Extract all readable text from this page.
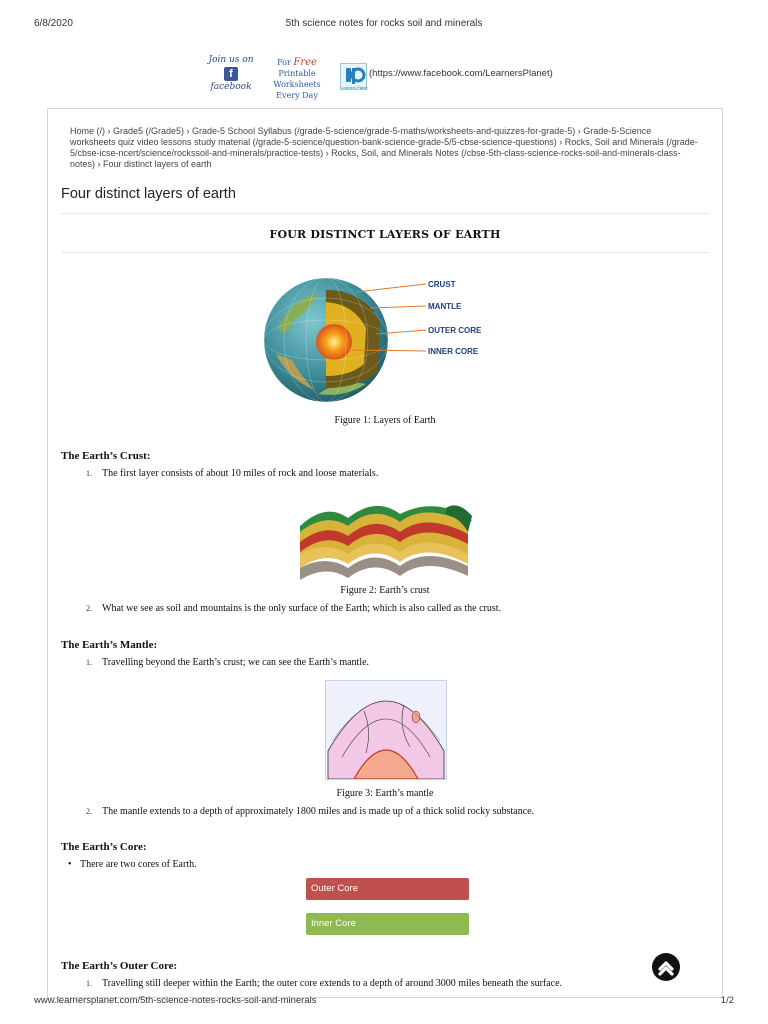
6/8/2020	5th science notes for rocks soil and minerals
Join us on
f
facebook
For Free
Printable Worksheets
Every Day
Learners' Planet
(https://www.facebook.com/LearnersPlanet)
Home (/) › Grade5 (/Grade5) › Grade-5 School Syllabus (/grade-5-science/grade-5-maths/worksheets-and-quizzes-for-grade-5) › Grade-5-Science worksheets quiz video lessons study material (/grade-5-science/question-bank-science-grade-5/5-cbse-science-questions) › Rocks, Soil and Minerals (/grade-5/cbse-icse-ncert/science/rockssoil-and-minerals/practice-tests) › Rocks, Soil, and Minerals Notes (/cbse-5th-class-science-rocks-soil-and-minerals-class-notes) › Four distinct layers of earth
Four distinct layers of earth
FOUR DISTINCT LAYERS OF EARTH
CRUST
MANTLE
OUTER CORE
INNER CORE
Figure 1: Layers of Earth
The Earth’s Crust:
1. The first layer consists of about 10 miles of rock and loose materials.
Figure 2: Earth’s crust
2. What we see as soil and mountains is the only surface of the Earth; which is also called as the crust.
The Earth’s Mantle:
1. Travelling beyond the Earth’s crust; we can see the Earth’s mantle.
Figure 3: Earth’s mantle
2. The mantle extends to a depth of approximately 1800 miles and is made up of a thick solid rocky substance.
The Earth’s Core:
• There are two cores of Earth.
Outer Core
Inner Core
The Earth’s Outer Core:
1. Travelling still deeper within the Earth; the outer core extends to a depth of around 3000 miles beneath the surface.
www.learnersplanet.com/5th-science-notes-rocks-soil-and-minerals	1/2
